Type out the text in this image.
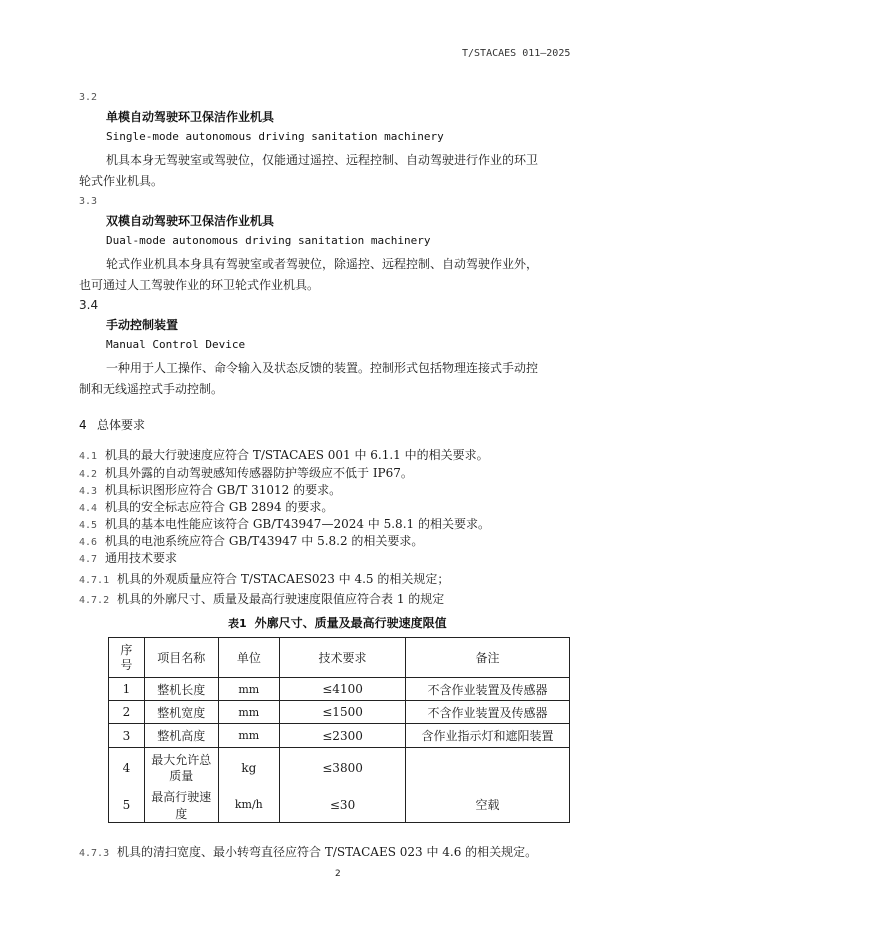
T/STACAES 011—2025
3.2
单模自动驾驶环卫保洁作业机具
Single-mode autonomous driving sanitation machinery
机具本身无驾驶室或驾驶位，仅能通过遥控、远程控制、自动驾驶进行作业的环卫
轮式作业机具。
3.3
双模自动驾驶环卫保洁作业机具
Dual-mode autonomous driving sanitation machinery
轮式作业机具本身具有驾驶室或者驾驶位，除遥控、远程控制、自动驾驶作业外，
也可通过人工驾驶作业的环卫轮式作业机具。
3.4
手动控制装置
Manual Control Device
一种用于人工操作、命令输入及状态反馈的装置。控制形式包括物理连接式手动控
制和无线遥控式手动控制。
4 总体要求
4.1 机具的最大行驶速度应符合 T/STACAES 001 中 6.1.1 中的相关要求。
4.2 机具外露的自动驾驶感知传感器防护等级应不低于 IP67。
4.3 机具标识图形应符合 GB/T 31012 的要求。
4.4 机具的安全标志应符合 GB 2894 的要求。
4.5 机具的基本电性能应该符合 GB/T43947—2024 中 5.8.1 的相关要求。
4.6 机具的电池系统应符合 GB/T43947 中 5.8.2 的相关要求。
4.7 通用技术要求
4.7.1 机具的外观质量应符合 T/STACAES023 中 4.5 的相关规定；
4.7.2 机具的外廓尺寸、质量及最高行驶速度限值应符合表 1 的规定
表1 外廓尺寸、质量及最高行驶速度限值
序号	项目名称	单位	技术要求	备注
1	整机长度	mm	≤4100	不含作业装置及传感器
2	整机宽度	mm	≤1500	不含作业装置及传感器
3	整机高度	mm	≤2300	含作业指示灯和遮阳装置
4	最大允许总质量	kg	≤3800	
5	最高行驶速度	km/h	≤30	空载
4.7.3 机具的清扫宽度、最小转弯直径应符合 T/STACAES 023 中 4.6 的相关规定。
2
